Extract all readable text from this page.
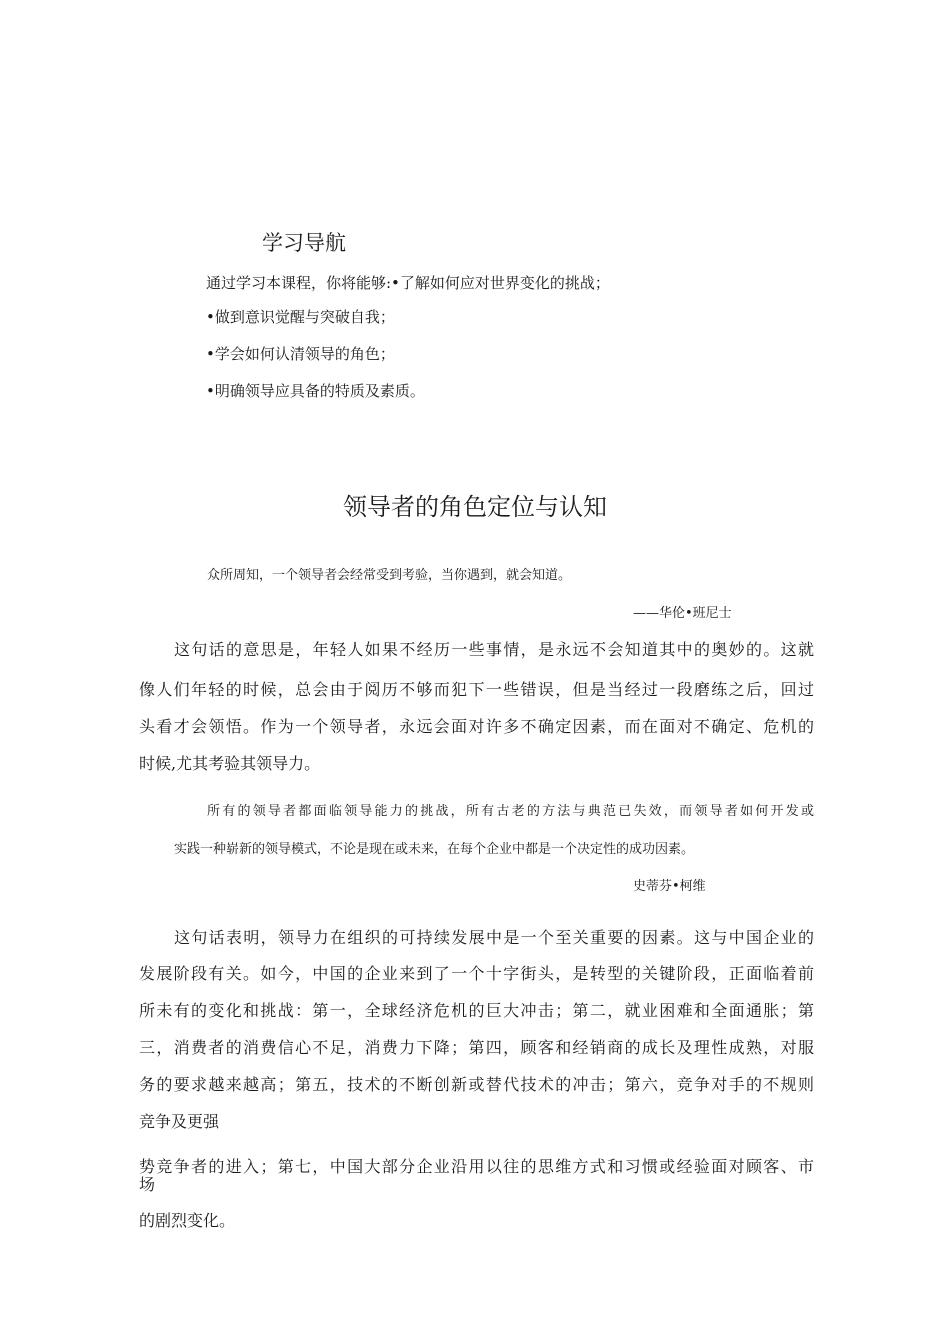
学习导航

通过学习本课程，你将能够:•了解如何应对世界变化的挑战；

•做到意识觉醒与突破自我；

•学会如何认清领导的角色；

•明确领导应具备的特质及素质。

领导者的角色定位与认知

众所周知，一个领导者会经常受到考验，当你遇到，就会知道。

——华伦•班尼士

这句话的意思是，年轻人如果不经历一些事情，是永远不会知道其中的奥妙的。这就

像人们年轻的时候，总会由于阅历不够而犯下一些错误，但是当经过一段磨练之后，回过

头看才会领悟。作为一个领导者，永远会面对许多不确定因素，而在面对不确定、危机的

时候,尤其考验其领导力。

所有的领导者都面临领导能力的挑战，所有古老的方法与典范已失效，而领导者如何开发或

实践一种崭新的领导模式，不论是现在或未来，在每个企业中都是一个决定性的成功因素。

史蒂芬•柯维

这句话表明，领导力在组织的可持续发展中是一个至关重要的因素。这与中国企业的

发展阶段有关。如今，中国的企业来到了一个十字街头，是转型的关键阶段，正面临着前

所未有的变化和挑战：第一，全球经济危机的巨大冲击；第二，就业困难和全面通胀；第

三，消费者的消费信心不足，消费力下降；第四，顾客和经销商的成长及理性成熟，对服

务的要求越来越高；第五，技术的不断创新或替代技术的冲击；第六，竞争对手的不规则

竞争及更强

势竞争者的进入；第七，中国大部分企业沿用以往的思维方式和习惯或经验面对顾客、市

场

的剧烈变化。
